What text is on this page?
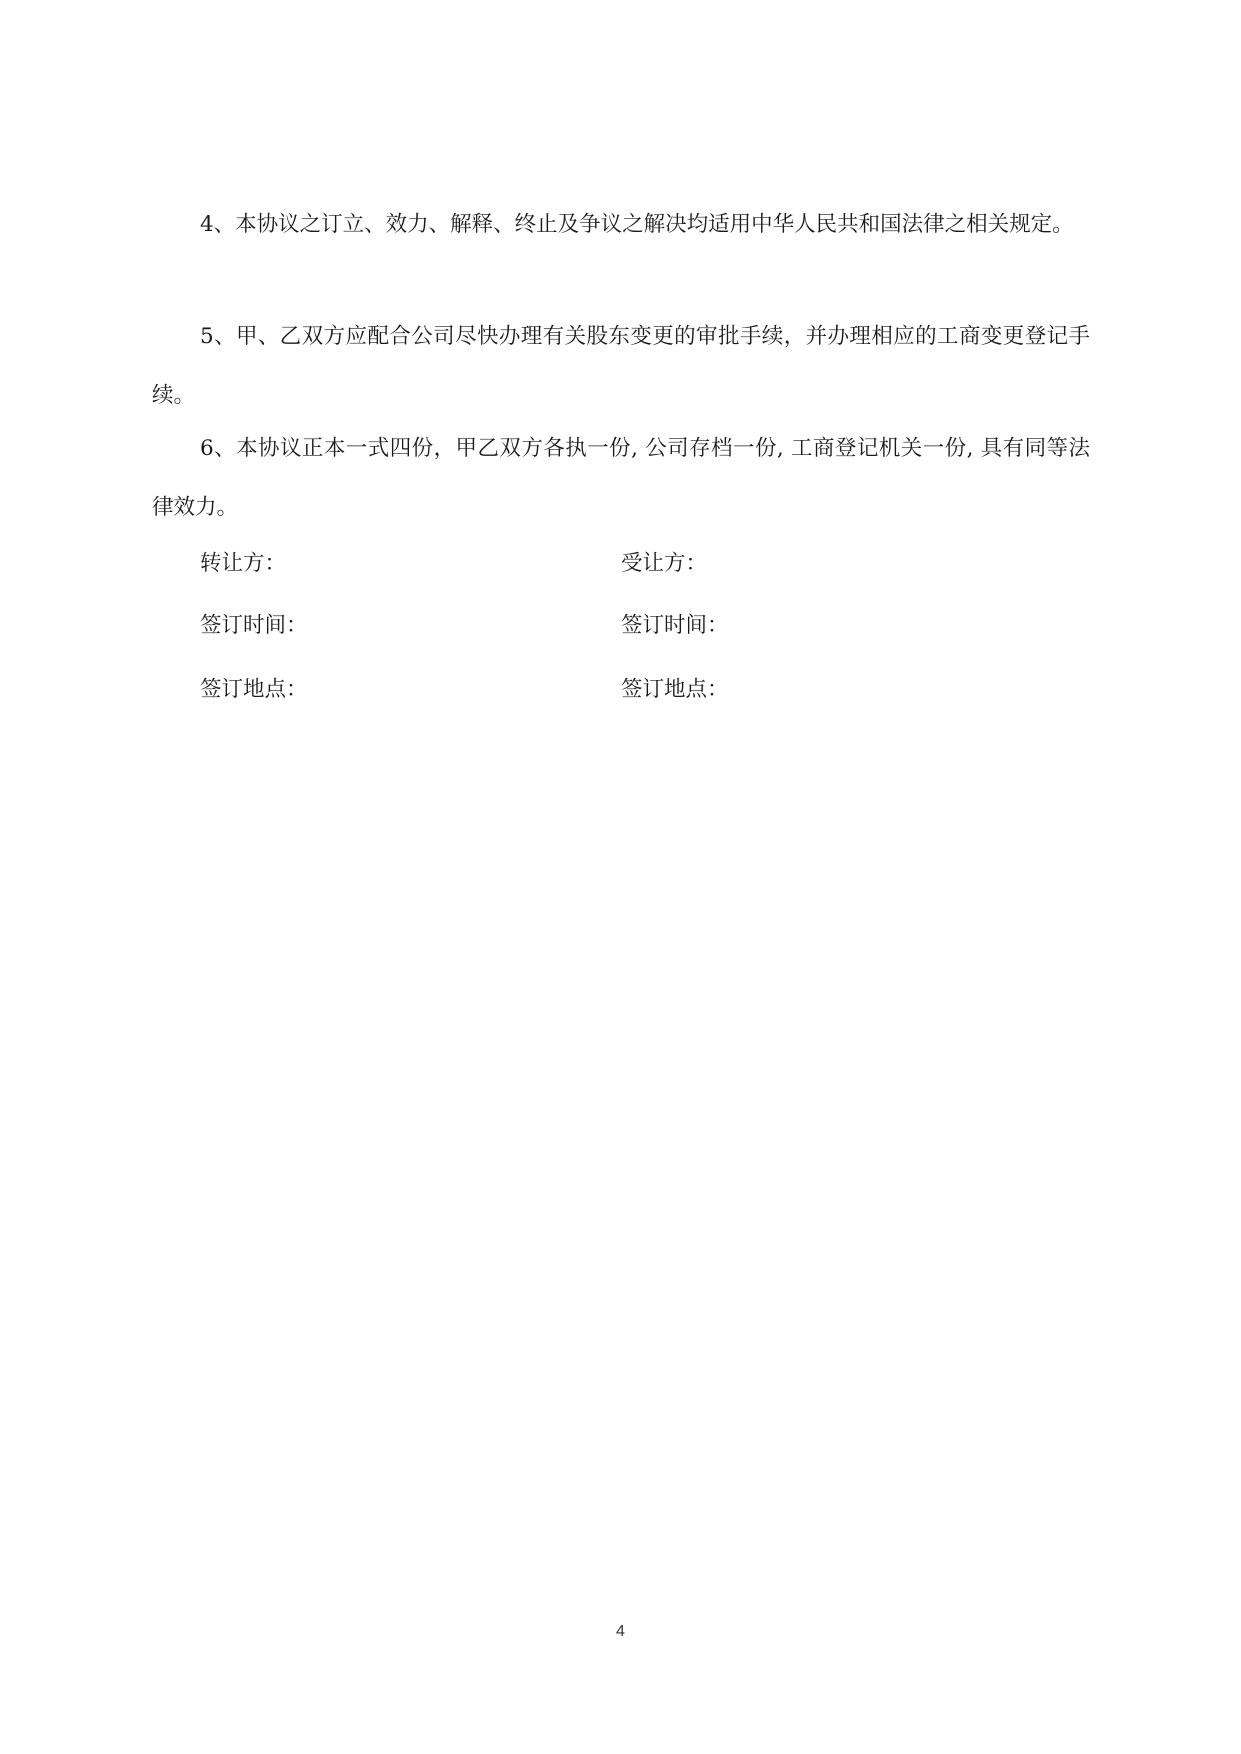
4、本协议之订立、效力、解释、终止及争议之解决均适用中华人民共和国法律之相关规定。

5、甲、乙双方应配合公司尽快办理有关股东变更的审批手续，并办理相应的工商变更登记手续。

6、本协议正本一式四份，甲乙双方各执一份, 公司存档一份, 工商登记机关一份, 具有同等法律效力。

转让方：	受让方：

签订时间：	签订时间：

签订地点：	签订地点：

4
